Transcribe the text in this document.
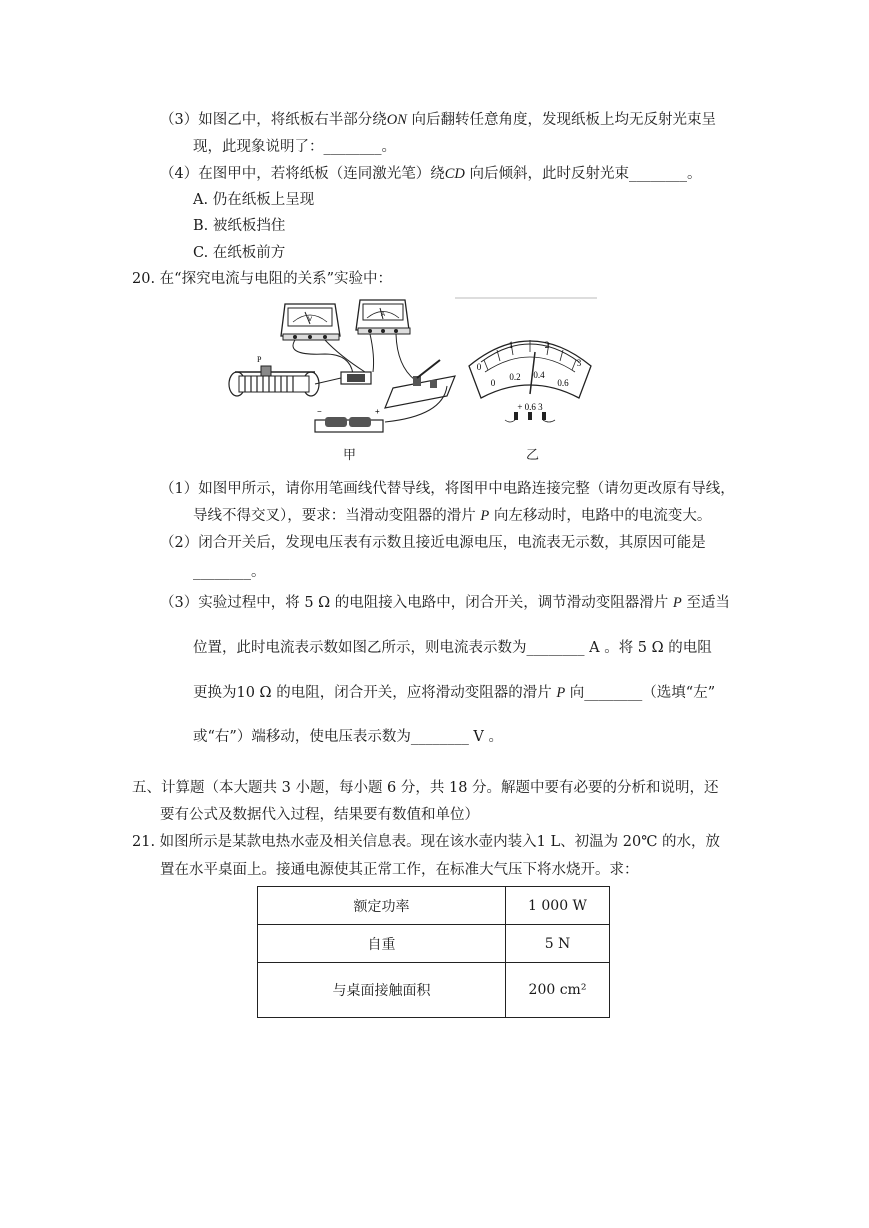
（3）如图乙中，将纸板右半部分绕ON 向后翻转任意角度，发现纸板上均无反射光束呈
现，此现象说明了：________。
（4）在图甲中，若将纸板（连同激光笔）绕CD 向后倾斜，此时反射光束________。
A. 仍在纸板上呈现
B. 被纸板挡住
C. 在纸板前方
20. 在“探究电流与电阻的关系”实验中：
V
A
P
−	+
甲
0
1	2
3
0
0.2 0.4
0.6
+ 0.6 3
乙
（1）如图甲所示，请你用笔画线代替导线，将图甲中电路连接完整（请勿更改原有导线，
导线不得交叉），要求：当滑动变阻器的滑片 P 向左移动时，电路中的电流变大。
（2）闭合开关后，发现电压表有示数且接近电源电压，电流表无示数，其原因可能是
________。
（3）实验过程中，将 5 Ω 的电阻接入电路中，闭合开关，调节滑动变阻器滑片 P 至适当
位置，此时电流表示数如图乙所示，则电流表示数为________ A 。将 5 Ω 的电阻
更换为10 Ω 的电阻，闭合开关，应将滑动变阻器的滑片 P 向________（选填“左”
或“右”）端移动，使电压表示数为________ V 。
五、计算题（本大题共 3 小题，每小题 6 分，共 18 分。解题中要有必要的分析和说明，还
要有公式及数据代入过程，结果要有数值和单位）
21. 如图所示是某款电热水壶及相关信息表。现在该水壶内装入1 L、初温为 20℃ 的水，放
置在水平桌面上。接通电源使其正常工作，在标准大气压下将水烧开。求：
额定功率	1 000 W
自重	5 N
与桌面接触面积	200 cm²
